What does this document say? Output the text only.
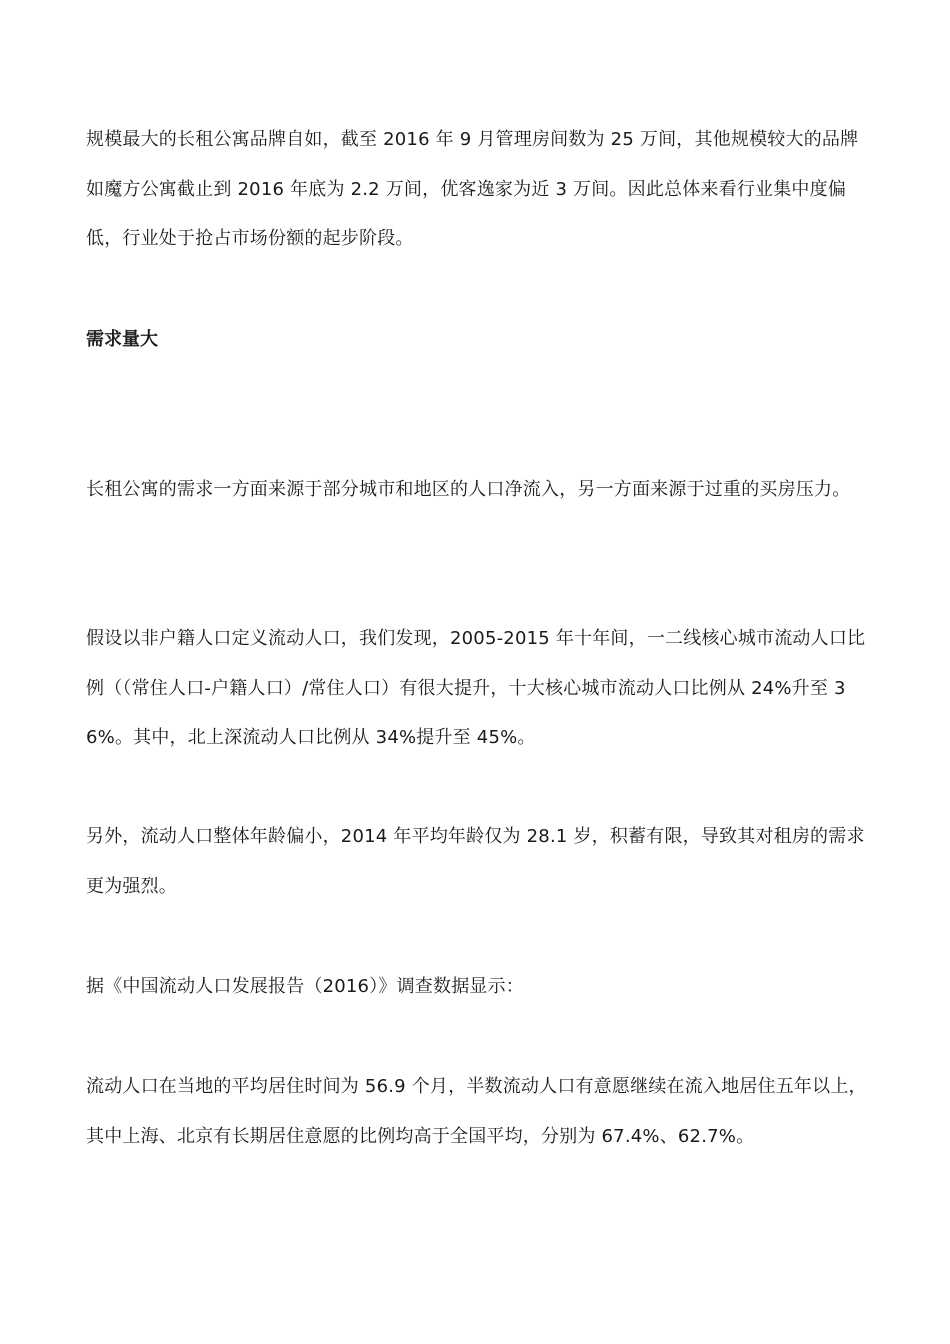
规模最大的长租公寓品牌自如，截至 2016 年 9 月管理房间数为 25 万间，其他规模较大的品牌如魔方公寓截止到 2016 年底为 2.2 万间，优客逸家为近 3 万间。因此总体来看行业集中度偏低，行业处于抢占市场份额的起步阶段。

需求量大

长租公寓的需求一方面来源于部分城市和地区的人口净流入，另一方面来源于过重的买房压力。

假设以非户籍人口定义流动人口，我们发现，2005-2015 年十年间，一二线核心城市流动人口比例（（常住人口-户籍人口）/常住人口）有很大提升，十大核心城市流动人口比例从 24%升至 36%。其中，北上深流动人口比例从 34%提升至 45%。

另外，流动人口整体年龄偏小，2014 年平均年龄仅为 28.1 岁，积蓄有限，导致其对租房的需求更为强烈。

据《中国流动人口发展报告（2016）》调查数据显示：

流动人口在当地的平均居住时间为 56.9 个月，半数流动人口有意愿继续在流入地居住五年以上，其中上海、北京有长期居住意愿的比例均高于全国平均，分别为 67.4%、62.7%。
